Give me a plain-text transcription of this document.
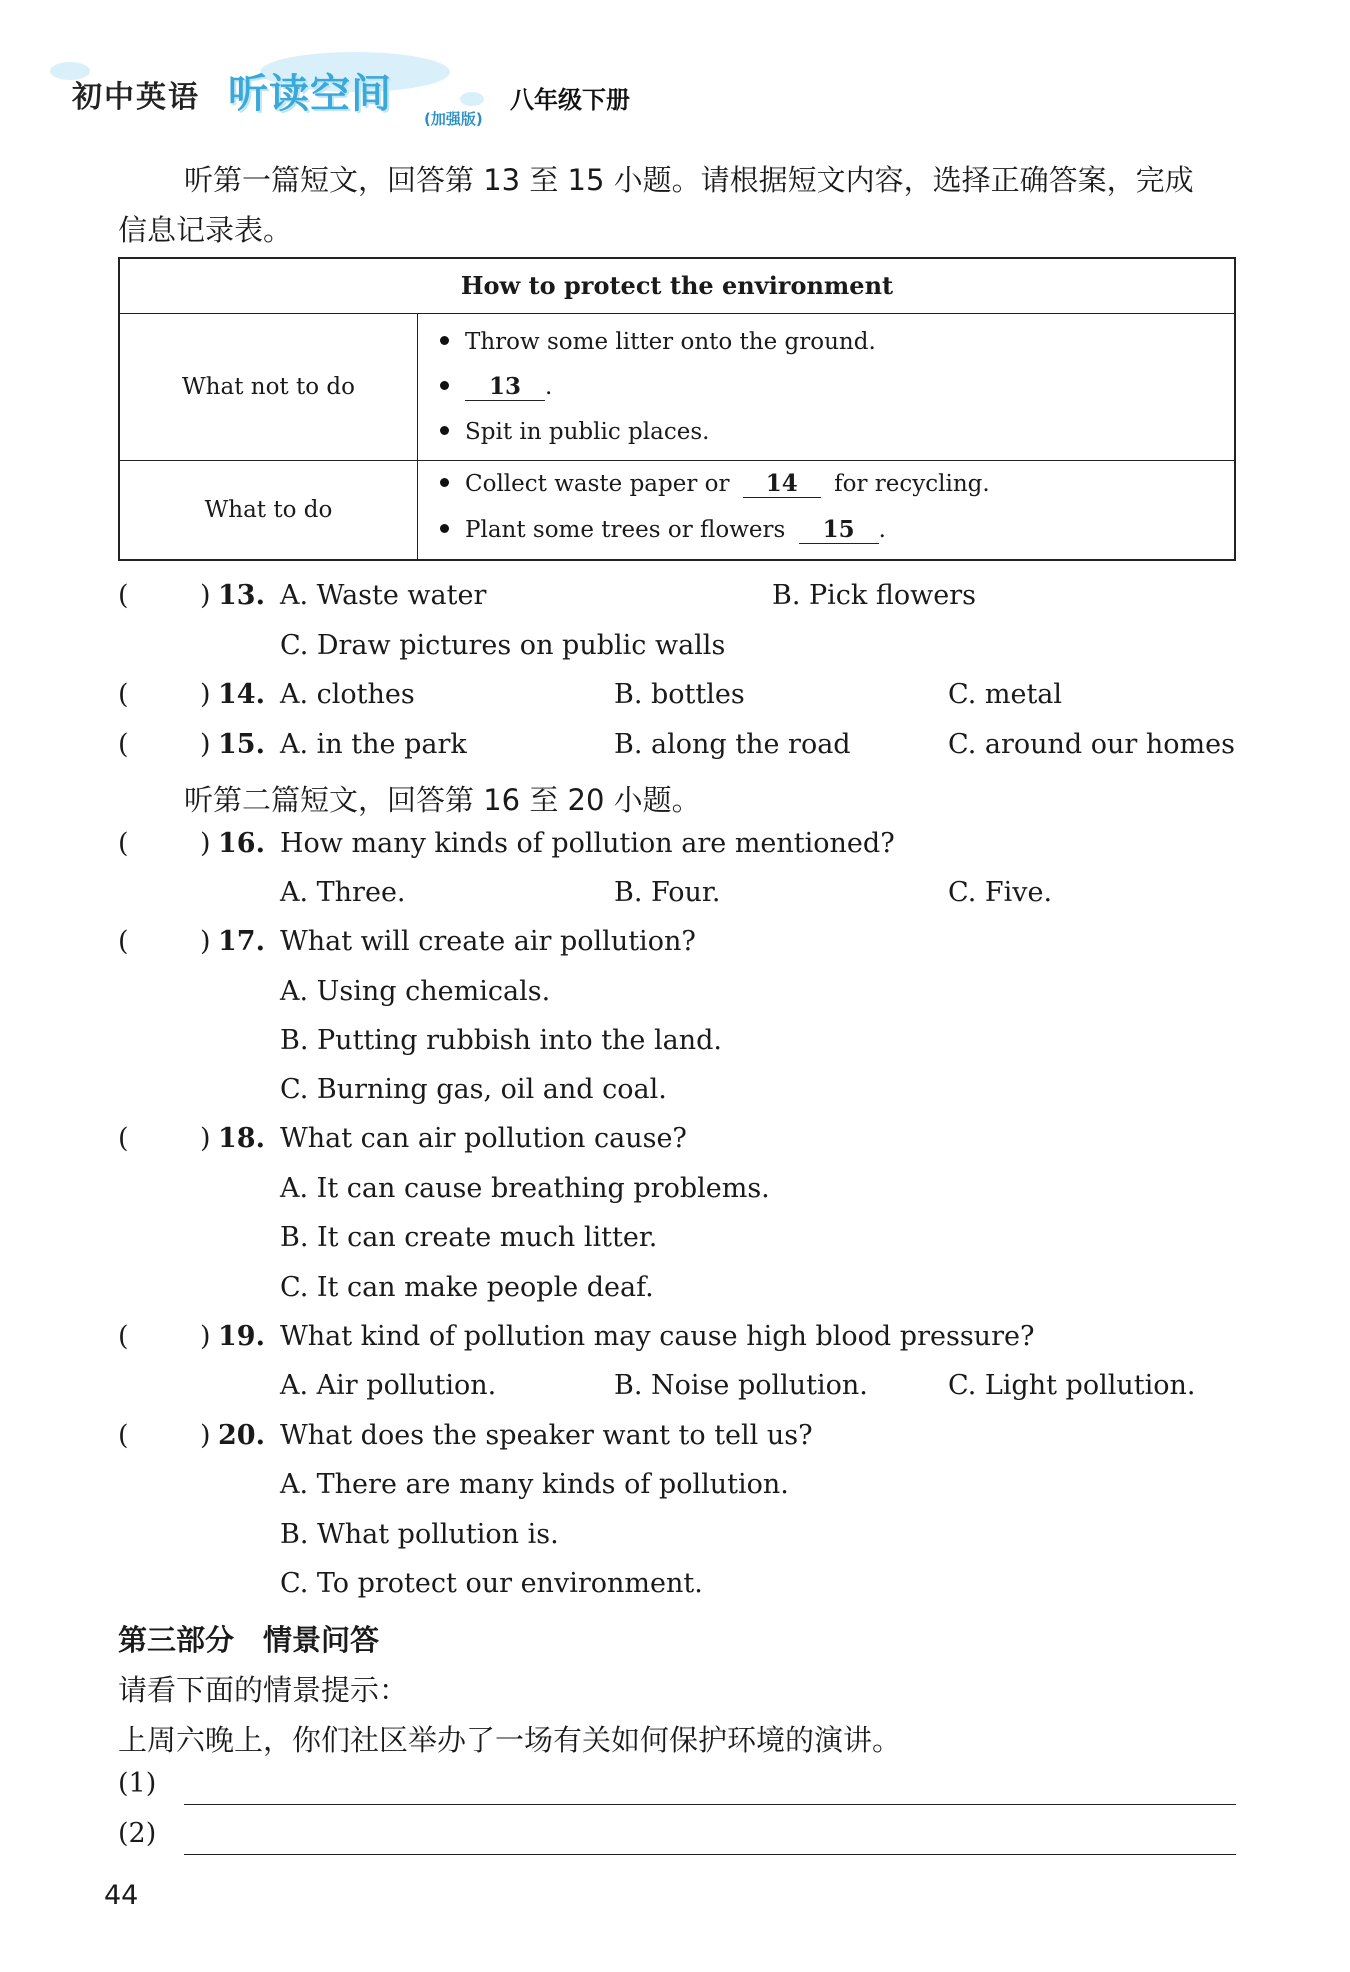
初中英语 听读空间
(加强版)
八年级下册
听第一篇短文，回答第 13 至 15 小题。请根据短文内容，选择正确答案，完成
信息记录表。
How to protect the environment
What not to do
Throw some litter onto the ground.
13 .
Spit in public places.
What to do
Collect waste paper or 14 for recycling.
Plant some trees or flowers 15 .
(	) 13. A. Waste water	B. Pick flowers
C. Draw pictures on public walls
(	) 14. A. clothes	B. bottles	C. metal
(	) 15. A. in the park	B. along the road	C. around our homes
听第二篇短文，回答第 16 至 20 小题。
(	) 16. How many kinds of pollution are mentioned?
A. Three.	B. Four.	C. Five.
(	) 17. What will create air pollution?
A. Using chemicals.
B. Putting rubbish into the land.
C. Burning gas, oil and coal.
(	) 18. What can air pollution cause?
A. It can cause breathing problems.
B. It can create much litter.
C. It can make people deaf.
(	) 19. What kind of pollution may cause high blood pressure?
A. Air pollution.	B. Noise pollution.	C. Light pollution.
(	) 20. What does the speaker want to tell us?
A. There are many kinds of pollution.
B. What pollution is.
C. To protect our environment.
第三部分　情景问答
请看下面的情景提示：
上周六晚上，你们社区举办了一场有关如何保护环境的演讲。
(1)
(2)
44
